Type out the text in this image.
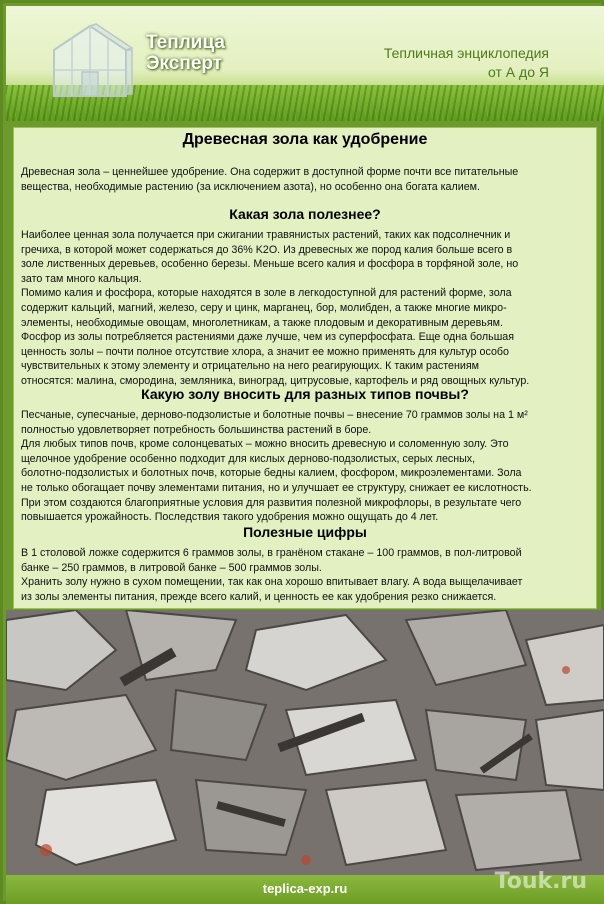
Теплица
Эксперт	Тепличная энциклопедия
от А до Я
Древесная зола как удобрение

Древесная зола – ценнейшее удобрение. Она содержит в доступной форме почти все питательные
вещества, необходимые растению (за исключением азота), но особенно она богата калием.

Какая зола полезнее?

Наиболее ценная зола получается при сжигании травянистых растений, таких как подсолнечник и
гречиха, в которой может содержаться до 36% K2O. Из древесных же пород калия больше всего в
золе лиственных деревьев, особенно березы. Меньше всего калия и фосфора в торфяной золе, но
зато там много кальция.
Помимо калия и фосфора, которые находятся в золе в легкодоступной для растений форме, зола
содержит кальций, магний, железо, серу и цинк, марганец, бор, молибден, а также многие микро-
элементы, необходимые овощам, многолетникам, а также плодовым и декоративным деревьям.
Фосфор из золы потребляется растениями даже лучше, чем из суперфосфата. Еще одна большая
ценность золы – почти полное отсутствие хлора, а значит ее можно применять для культур особо
чувствительных к этому элементу и отрицательно на него реагирующих. К таким растениям
относятся: малина, смородина, земляника, виноград, цитрусовые, картофель и ряд овощных культур.

Какую золу вносить для разных типов почвы?

Песчаные, супесчаные, дерново-подзолистые и болотные почвы – внесение 70 граммов золы на 1 м²
полностью удовлетворяет потребность большинства растений в боре.
Для любых типов почв, кроме солонцеватых – можно вносить древесную и соломенную золу. Это
щелочное удобрение особенно подходит для кислых дерново-подзолистых, серых лесных,
болотно-подзолистых и болотных почв, которые бедны калием, фосфором, микроэлементами. Зола
не только обогащает почву элементами питания, но и улучшает ее структуру, снижает ее кислотность.
При этом создаются благоприятные условия для развития полезной микрофлоры, в результате чего
повышается урожайность. Последствия такого удобрения можно ощущать до 4 лет.

Полезные цифры

В 1 столовой ложке содержится 6 граммов золы, в гранёном стакане – 100 граммов, в пол-литровой
банке – 250 граммов, в литровой банке – 500 граммов золы.
Хранить золу нужно в сухом помещении, так как она хорошо впитывает влагу. А вода выщелачивает
из золы элементы питания, прежде всего калий, и ценность ее как удобрения резко снижается.

teplica-exp.ru	Touk.ru
